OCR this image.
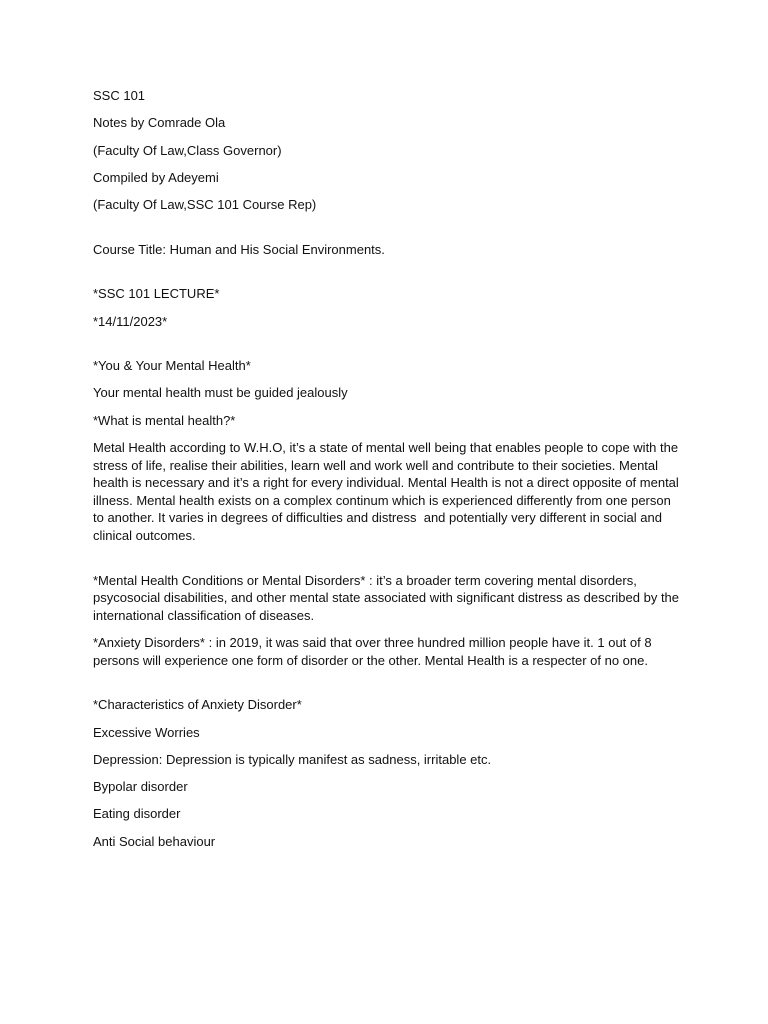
SSC 101

Notes by Comrade Ola

(Faculty Of Law,Class Governor)

Compiled by Adeyemi

(Faculty Of Law,SSC 101 Course Rep)

Course Title: Human and His Social Environments.

*SSC 101 LECTURE*

*14/11/2023*

*You & Your Mental Health*

Your mental health must be guided jealously

*What is mental health?*

Metal Health according to W.H.O, it’s a state of mental well being that enables people to cope with the stress of life, realise their abilities, learn well and work well and contribute to their societies. Mental health is necessary and it’s a right for every individual. Mental Health is not a direct opposite of mental illness. Mental health exists on a complex continum which is experienced differently from one person to another. It varies in degrees of difficulties and distress  and potentially very different in social and clinical outcomes.

*Mental Health Conditions or Mental Disorders* : it’s a broader term covering mental disorders, psycosocial disabilities, and other mental state associated with significant distress as described by the international classification of diseases.

*Anxiety Disorders* : in 2019, it was said that over three hundred million people have it. 1 out of 8 persons will experience one form of disorder or the other. Mental Health is a respecter of no one.

*Characteristics of Anxiety Disorder*

Excessive Worries

Depression: Depression is typically manifest as sadness, irritable etc.

Bypolar disorder

Eating disorder

Anti Social behaviour
